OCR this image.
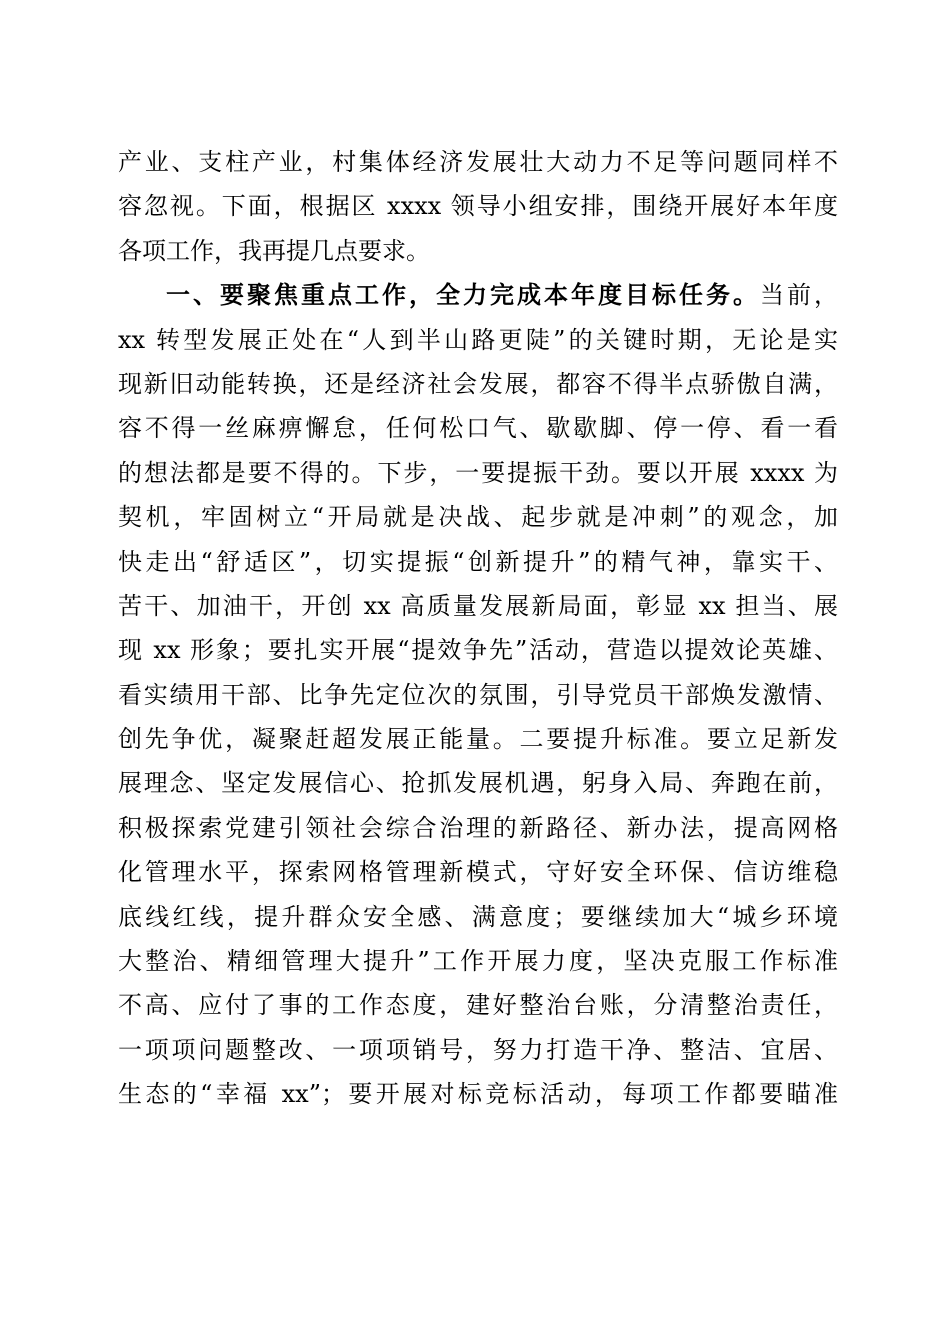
产业、支柱产业，村集体经济发展壮大动力不足等问题同样不
容忽视。下面，根据区 xxxx 领导小组安排，围绕开展好本年度
各项工作，我再提几点要求。
一、要聚焦重点工作，全力完成本年度目标任务。当前，
xx 转型发展正处在“人到半山路更陡”的关键时期，无论是实
现新旧动能转换，还是经济社会发展，都容不得半点骄傲自满，
容不得一丝麻痹懈怠，任何松口气、歇歇脚、停一停、看一看
的想法都是要不得的。下步，一要提振干劲。要以开展 xxxx 为
契机，牢固树立“开局就是决战、起步就是冲刺”的观念，加
快走出“舒适区”，切实提振“创新提升”的精气神，靠实干、
苦干、加油干，开创 xx 高质量发展新局面，彰显 xx 担当、展
现 xx 形象；要扎实开展“提效争先”活动，营造以提效论英雄、
看实绩用干部、比争先定位次的氛围，引导党员干部焕发激情、
创先争优，凝聚赶超发展正能量。二要提升标准。要立足新发
展理念、坚定发展信心、抢抓发展机遇，躬身入局、奔跑在前，
积极探索党建引领社会综合治理的新路径、新办法，提高网格
化管理水平，探索网格管理新模式，守好安全环保、信访维稳
底线红线，提升群众安全感、满意度；要继续加大“城乡环境
大整治、精细管理大提升”工作开展力度，坚决克服工作标准
不高、应付了事的工作态度，建好整治台账，分清整治责任，
一项项问题整改、一项项销号，努力打造干净、整洁、宜居、
生态的“幸福 xx”；要开展对标竞标活动，每项工作都要瞄准
